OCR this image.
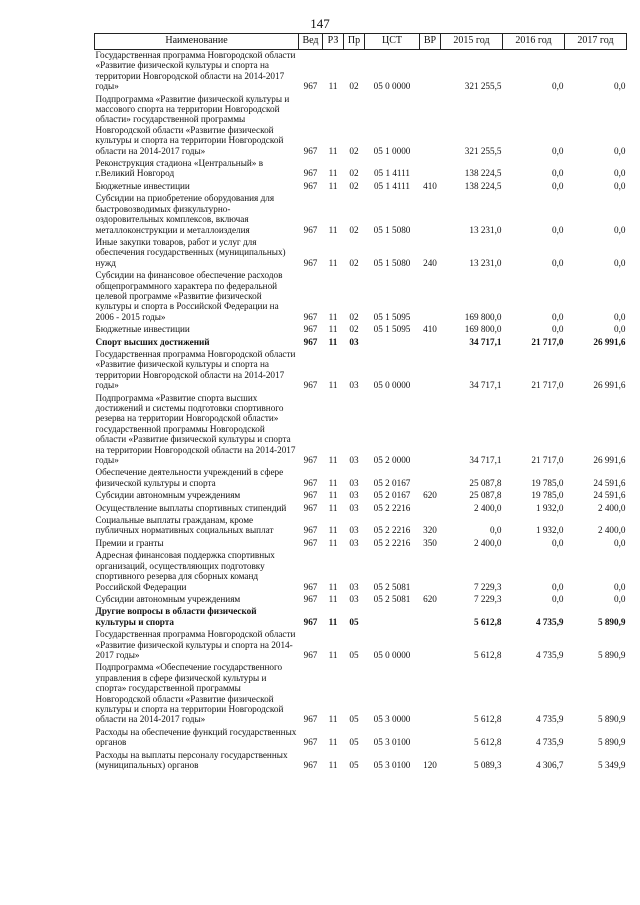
147
Наименование	Вед	РЗ	Пр	ЦСТ	ВР	2015 год	2016 год	2017 год
Государственная программа Новгородской области «Развитие физической культуры и спорта на территории Новгородской области на 2014-2017 годы»	967	11	02	05 0 0000		321 255,5	0,0	0,0
Подпрограмма «Развитие физической культуры и массового спорта на территории Новгородской области» государственной программы Новгородской области «Развитие физической культуры и спорта на территории Новгородской области на 2014-2017 годы»	967	11	02	05 1 0000		321 255,5	0,0	0,0
Реконструкция стадиона «Центральный» в г.Великий Новгород	967	11	02	05 1 4111		138 224,5	0,0	0,0
Бюджетные инвестиции	967	11	02	05 1 4111	410	138 224,5	0,0	0,0
Субсидии на приобретение оборудования для быстровозводимых физкультурно-оздоровительных комплексов, включая металлоконструкции и металлоизделия	967	11	02	05 1 5080		13 231,0	0,0	0,0
Иные закупки товаров, работ и услуг для обеспечения государственных (муниципальных) нужд	967	11	02	05 1 5080	240	13 231,0	0,0	0,0
Субсидии на финансовое обеспечение расходов общепрограммного характера по федеральной целевой программе «Развитие физической культуры и спорта в Российской Федерации на 2006 - 2015 годы»	967	11	02	05 1 5095		169 800,0	0,0	0,0
Бюджетные инвестиции	967	11	02	05 1 5095	410	169 800,0	0,0	0,0
Спорт высших достижений	967	11	03			34 717,1	21 717,0	26 991,6
Государственная программа Новгородской области «Развитие физической культуры и спорта на территории Новгородской области на 2014-2017 годы»	967	11	03	05 0 0000		34 717,1	21 717,0	26 991,6
Подпрограмма «Развитие спорта высших достижений и системы подготовки спортивного резерва на территории Новгородской области» государственной программы Новгородской области «Развитие физической культуры и спорта на территории Новгородской области на 2014-2017 годы»	967	11	03	05 2 0000		34 717,1	21 717,0	26 991,6
Обеспечение деятельности учреждений в сфере физической культуры и спорта	967	11	03	05 2 0167		25 087,8	19 785,0	24 591,6
Субсидии автономным учреждениям	967	11	03	05 2 0167	620	25 087,8	19 785,0	24 591,6
Осуществление выплаты спортивных стипендий	967	11	03	05 2 2216		2 400,0	1 932,0	2 400,0
Социальные выплаты гражданам, кроме публичных нормативных социальных выплат	967	11	03	05 2 2216	320	0,0	1 932,0	2 400,0
Премии и гранты	967	11	03	05 2 2216	350	2 400,0	0,0	0,0
Адресная финансовая поддержка спортивных организаций, осуществляющих подготовку спортивного резерва для сборных команд Российской Федерации	967	11	03	05 2 5081		7 229,3	0,0	0,0
Субсидии автономным учреждениям	967	11	03	05 2 5081	620	7 229,3	0,0	0,0
Другие вопросы в области физической культуры и спорта	967	11	05			5 612,8	4 735,9	5 890,9
Государственная программа Новгородской области «Развитие физической культуры и спорта на 2014-2017 годы»	967	11	05	05 0 0000		5 612,8	4 735,9	5 890,9
Подпрограмма «Обеспечение государственного управления в сфере физической культуры и спорта» государственной программы Новгородской области «Развитие физической культуры и спорта на территории Новгородской области на 2014-2017 годы»	967	11	05	05 3 0000		5 612,8	4 735,9	5 890,9
Расходы на обеспечение функций государственных органов	967	11	05	05 3 0100		5 612,8	4 735,9	5 890,9
Расходы на выплаты персоналу государственных (муниципальных) органов	967	11	05	05 3 0100	120	5 089,3	4 306,7	5 349,9
